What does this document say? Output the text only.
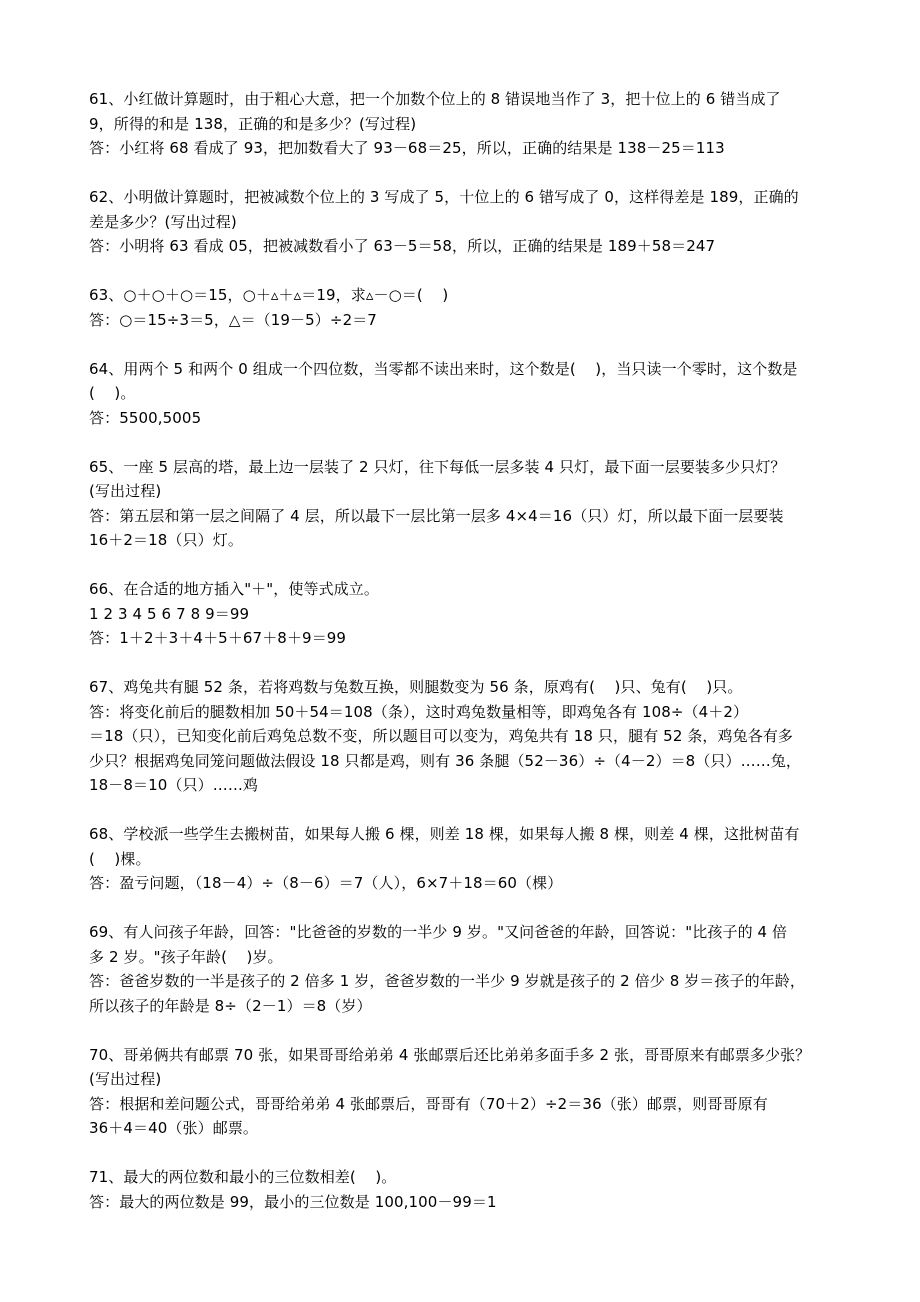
61、小红做计算题时，由于粗心大意，把一个加数个位上的 8 错误地当作了 3，把十位上的 6 错当成了
9，所得的和是 138，正确的和是多少？(写过程)
答：小红将 68 看成了 93，把加数看大了 93－68＝25，所以，正确的结果是 138－25＝113
62、小明做计算题时，把被减数个位上的 3 写成了 5，十位上的 6 错写成了 0，这样得差是 189，正确的
差是多少？(写出过程)
答：小明将 63 看成 05，把被减数看小了 63－5＝58，所以，正确的结果是 189＋58＝247
63、○＋○＋○＝15，○＋▵＋▵＝19，求▵－○＝(    )
答：○＝15÷3＝5，△＝（19－5）÷2＝7
64、用两个 5 和两个 0 组成一个四位数，当零都不读出来时，这个数是(    )，当只读一个零时，这个数是
(    )。
答：5500,5005
65、一座 5 层高的塔，最上边一层装了 2 只灯，往下每低一层多装 4 只灯，最下面一层要装多少只灯？
(写出过程)
答：第五层和第一层之间隔了 4 层，所以最下一层比第一层多 4×4＝16（只）灯，所以最下面一层要装
16＋2＝18（只）灯。
66、在合适的地方插入"＋"，使等式成立。
1 2 3 4 5 6 7 8 9＝99
答：1＋2＋3＋4＋5＋67＋8＋9＝99
67、鸡兔共有腿 52 条，若将鸡数与兔数互换，则腿数变为 56 条，原鸡有(    )只、兔有(    )只。
答：将变化前后的腿数相加 50＋54＝108（条），这时鸡兔数量相等，即鸡兔各有 108÷（4＋2）
＝18（只），已知变化前后鸡兔总数不变，所以题目可以变为，鸡兔共有 18 只，腿有 52 条，鸡兔各有多
少只？根据鸡兔同笼问题做法假设 18 只都是鸡，则有 36 条腿（52－36）÷（4－2）＝8（只）……兔，
18－8＝10（只）……鸡
68、学校派一些学生去搬树苗，如果每人搬 6 棵，则差 18 棵，如果每人搬 8 棵，则差 4 棵，这批树苗有
(    )棵。
答：盈亏问题，（18－4）÷（8－6）＝7（人），6×7＋18＝60（棵）
69、有人问孩子年龄，回答："比爸爸的岁数的一半少 9 岁。"又问爸爸的年龄，回答说："比孩子的 4 倍
多 2 岁。"孩子年龄(    )岁。
答：爸爸岁数的一半是孩子的 2 倍多 1 岁，爸爸岁数的一半少 9 岁就是孩子的 2 倍少 8 岁＝孩子的年龄，
所以孩子的年龄是 8÷（2－1）＝8（岁）
70、哥弟俩共有邮票 70 张，如果哥哥给弟弟 4 张邮票后还比弟弟多面手多 2 张，哥哥原来有邮票多少张？
(写出过程)
答：根据和差问题公式，哥哥给弟弟 4 张邮票后，哥哥有（70＋2）÷2＝36（张）邮票，则哥哥原有
36＋4＝40（张）邮票。
71、最大的两位数和最小的三位数相差(    )。
答：最大的两位数是 99，最小的三位数是 100,100－99＝1
